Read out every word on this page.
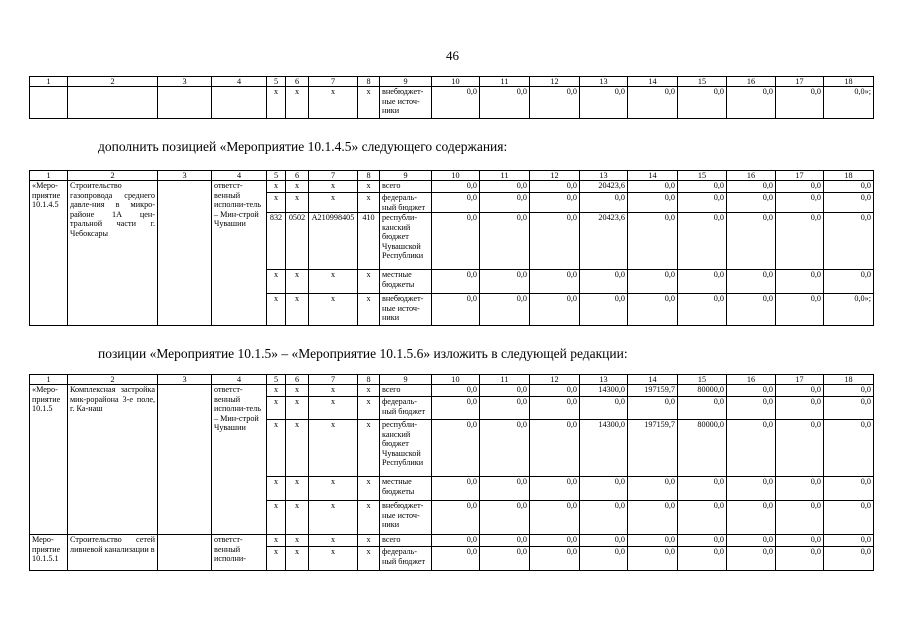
46
1	2	3	4	5	6	7	8	9	10	11	12	13	14	15	16	17	18
				х	х	х	х	внебюджет-ные источ-ники	0,0	0,0	0,0	0,0	0,0	0,0	0,0	0,0	0,0»;
дополнить позицией «Мероприятие 10.1.4.5» следующего содержания:
1	2	3	4	5	6	7	8	9	10	11	12	13	14	15	16	17	18
«Меро-приятие 10.1.4.5	Строительство газопровода среднего давле-ния в микро-районе 1А цен-тральной части г. Чебоксары		ответст-венный исполни-тель – Мин-строй Чувашии	х	х	х	х	всего	0,0	0,0	0,0	20423,6	0,0	0,0	0,0	0,0	0,0
				х	х	х	х	федераль-ный бюджет	0,0	0,0	0,0	0,0	0,0	0,0	0,0	0,0	0,0
				832	0502	А210998405	410	республи-канский бюджет Чувашской Республики	0,0	0,0	0,0	20423,6	0,0	0,0	0,0	0,0	0,0
				х	х	х	х	местные бюджеты	0,0	0,0	0,0	0,0	0,0	0,0	0,0	0,0	0,0
				х	х	х	х	внебюджет-ные источ-ники	0,0	0,0	0,0	0,0	0,0	0,0	0,0	0,0	0,0»;
позиции «Мероприятие 10.1.5» – «Мероприятие 10.1.5.6» изложить в следующей редакции:
1	2	3	4	5	6	7	8	9	10	11	12	13	14	15	16	17	18
«Меро-приятие 10.1.5	Комплексная застройка мик-рорайона 3-е поле, г. Ка-наш		ответст-венный исполни-тель – Мин-строй Чувашии	х	х	х	х	всего	0,0	0,0	0,0	14300,0	197159,7	80000,0	0,0	0,0	0,0
				х	х	х	х	федераль-ный бюджет	0,0	0,0	0,0	0,0	0,0	0,0	0,0	0,0	0,0
				х	х	х	х	республи-канский бюджет Чувашской Республики	0,0	0,0	0,0	14300,0	197159,7	80000,0	0,0	0,0	0,0
				х	х	х	х	местные бюджеты	0,0	0,0	0,0	0,0	0,0	0,0	0,0	0,0	0,0
				х	х	х	х	внебюджет-ные источ-ники	0,0	0,0	0,0	0,0	0,0	0,0	0,0	0,0	0,0
Меро-приятие 10.1.5.1	Строительство сетей ливневой канализации в		ответст-венный исполни-	х	х	х	х	всего	0,0	0,0	0,0	0,0	0,0	0,0	0,0	0,0	0,0
				х	х	х	х	федераль-ный бюджет	0,0	0,0	0,0	0,0	0,0	0,0	0,0	0,0	0,0
